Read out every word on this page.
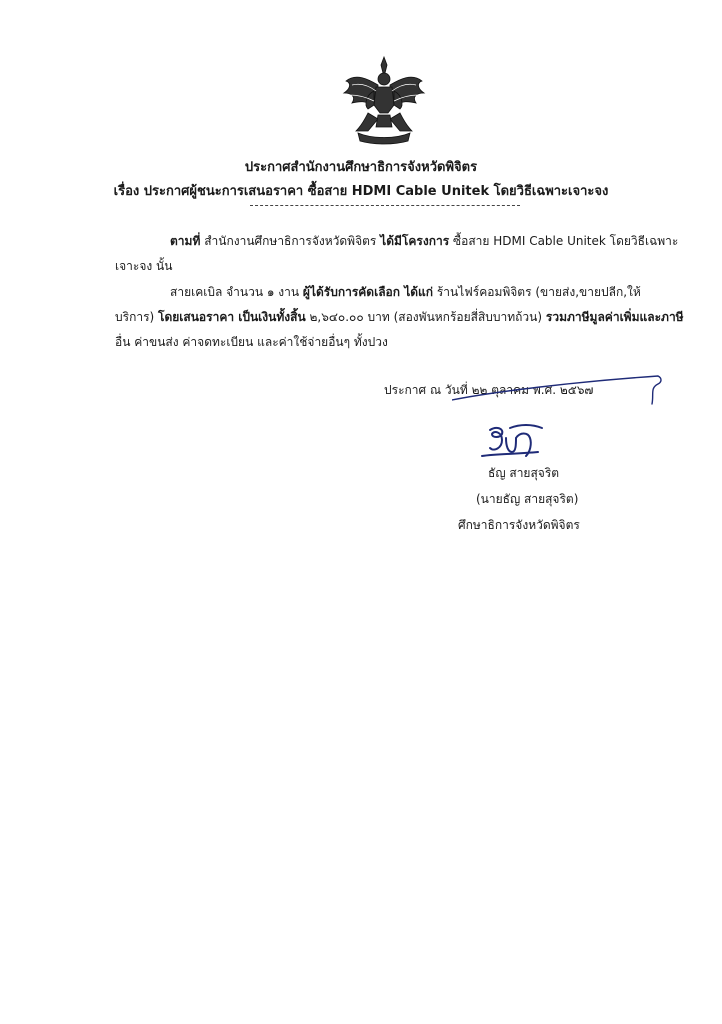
ประกาศสำนักงานศึกษาธิการจังหวัดพิจิตร
เรื่อง ประกาศผู้ชนะการเสนอราคา ซื้อสาย HDMI Cable Unitek โดยวิธีเฉพาะเจาะจง
ตามที่ สำนักงานศึกษาธิการจังหวัดพิจิตร ได้มีโครงการ ซื้อสาย HDMI Cable Unitek โดยวิธีเฉพาะ
เจาะจง นั้น
สายเคเบิล จำนวน ๑ งาน ผู้ได้รับการคัดเลือก ได้แก่ ร้านไฟร์คอมพิจิตร (ขายส่ง,ขายปลีก,ให้
บริการ) โดยเสนอราคา เป็นเงินทั้งสิ้น ๒,๖๔๐.๐๐ บาท (สองพันหกร้อยสี่สิบบาทถ้วน) รวมภาษีมูลค่าเพิ่มและภาษี
อื่น ค่าขนส่ง ค่าจดทะเบียน และค่าใช้จ่ายอื่นๆ ทั้งปวง
ประกาศ ณ วันที่ ๒๒ ตุลาคม พ.ศ. ๒๕๖๗
ธัญ สายสุจริต
(นายธัญ สายสุจริต)
ศึกษาธิการจังหวัดพิจิตร
